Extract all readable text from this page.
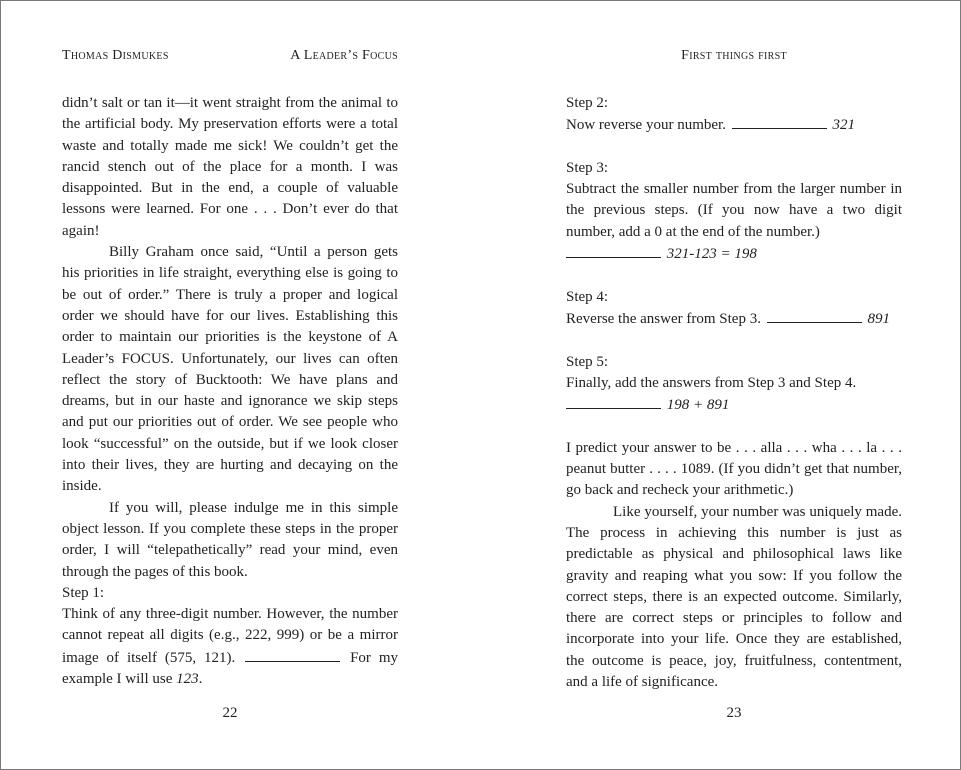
Thomas Dismukes	A Leader’s Focus

didn’t salt or tan it—it went straight from the animal to the artificial body. My preservation efforts were a total waste and totally made me sick! We couldn’t get the rancid stench out of the place for a month. I was disappointed. But in the end, a couple of valuable lessons were learned. For one . . . Don’t ever do that again!

Billy Graham once said, “Until a person gets his priorities in life straight, everything else is going to be out of order.” There is truly a proper and logical order we should have for our lives. Establishing this order to maintain our priorities is the keystone of A Leader’s FOCUS. Unfortunately, our lives can often reflect the story of Bucktooth: We have plans and dreams, but in our haste and ignorance we skip steps and put our priorities out of order. We see people who look “successful” on the outside, but if we look closer into their lives, they are hurting and decaying on the inside.

If you will, please indulge me in this simple object lesson. If you complete these steps in the proper order, I will “telepathetically” read your mind, even through the pages of this book.

Step 1:

Think of any three-digit number. However, the number cannot repeat all digits (e.g., 222, 999) or be a mirror image of itself (575, 121).	For my example I will use 123.

22
First things first

Step 2:

Now reverse your number.	321

Step 3:

Subtract the smaller number from the larger number in the previous steps. (If you now have a two digit number, add a 0 at the end of the number.)

321-123 = 198

Step 4:

Reverse the answer from Step 3.	891

Step 5:

Finally, add the answers from Step 3 and Step 4.

198 + 891

I predict your answer to be . . . alla . . . wha . . . la . . . peanut butter . . . . 1089. (If you didn’t get that number, go back and recheck your arithmetic.)

Like yourself, your number was uniquely made. The process in achieving this number is just as predictable as physical and philosophical laws like gravity and reaping what you sow: If you follow the correct steps, there is an expected outcome. Similarly, there are correct steps or principles to follow and incorporate into your life. Once they are established, the outcome is peace, joy, fruitfulness, contentment, and a life of significance.

23
